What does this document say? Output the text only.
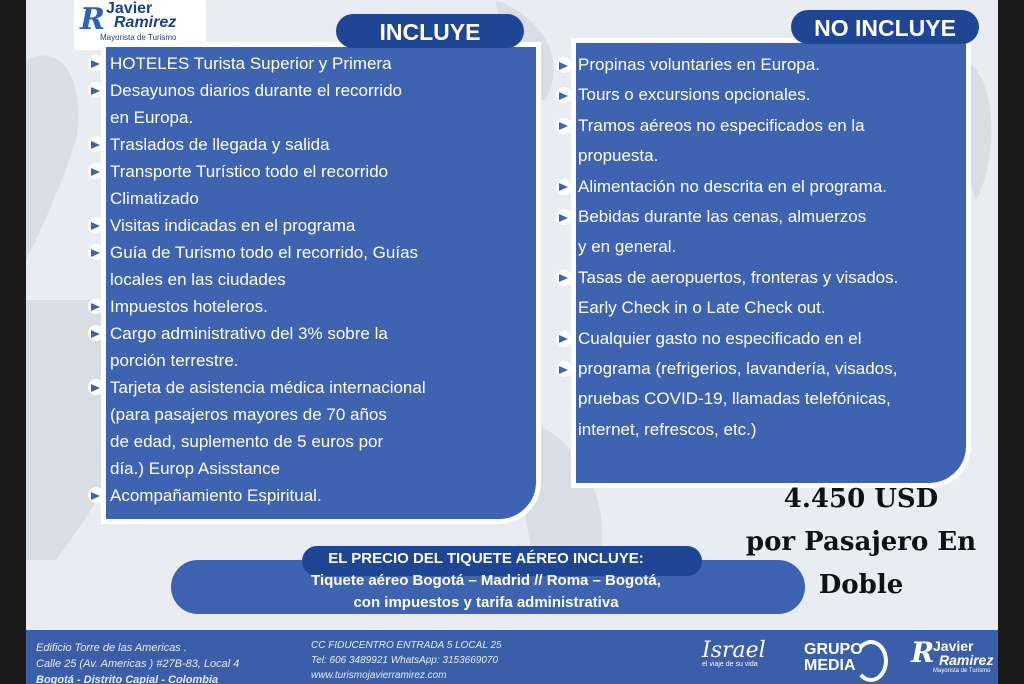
R Javier
Ramirez
Mayorista de Turismo	INCLUYE
HOTELES Turista Superior y Primera
Desayunos diarios durante el recorrido
en Europa.
Traslados de llegada y salida
Transporte Turístico todo el recorrido
Climatizado
Visitas indicadas en el programa
Guía de Turismo todo el recorrido, Guías
locales en las ciudades
Impuestos hoteleros.
Cargo administrativo del 3% sobre la
porción terrestre.
Tarjeta de asistencia médica internacional
(para pasajeros mayores de 70 años
de edad, suplemento de 5 euros por
día.) Europ Asisstance
Acompañamiento Espiritual.
NO INCLUYE
Propinas voluntaries en Europa.
Tours o excursions opcionales.
Tramos aéreos no especificados en la
propuesta.
Alimentación no descrita en el programa.
Bebidas durante las cenas, almuerzos
y en general.
Tasas de aeropuertos, fronteras y visados.
Early Check in o Late Check out.
Cualquier gasto no especificado en el
programa (refrigerios, lavandería, visados,
pruebas COVID-19, llamadas telefónicas,
internet, refrescos, etc.)
4.450 USD
por Pasajero En
Doble
EL PRECIO DEL TIQUETE AÉREO INCLUYE:
Tiquete aéreo Bogotá – Madrid // Roma – Bogotá,
con impuestos y tarifa administrativa
Edificio Torre de las Americas .
Calle 25 (Av. Americas ) #27B-83, Local 4
Bogotá - Distrito Capial - Colombia
CC FIDUCENTRO ENTRADA 5 LOCAL 25
Tel: 606 3489921 WhatsApp: 3153669070
www.turismojavierramirez.com
Israel
el viaje de su vida
GRUPO
MEDIA R
Javier
Ramirez
Mayorista de Turismo
